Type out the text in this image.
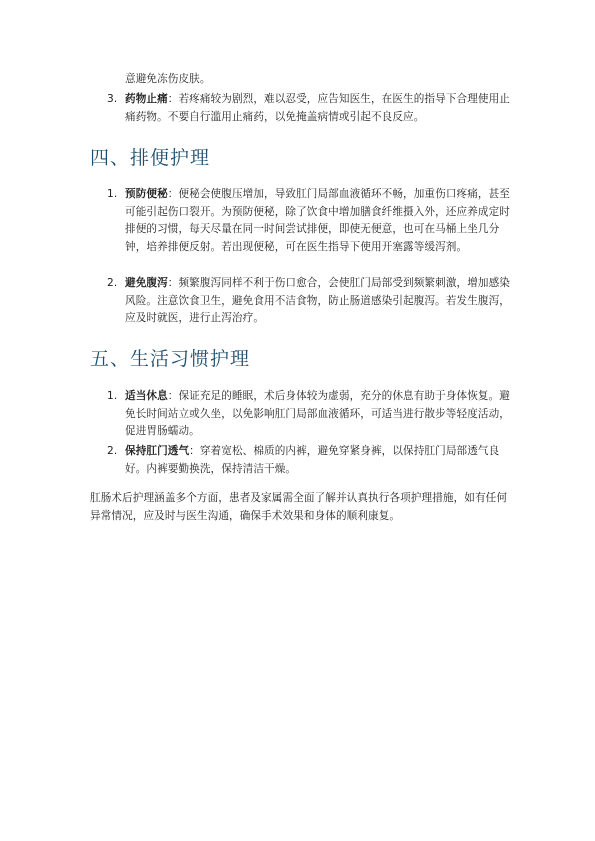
意避免冻伤皮肤。
3. 药物止痛：若疼痛较为剧烈，难以忍受，应告知医生，在医生的指导下合理使用止痛药物。不要自行滥用止痛药，以免掩盖病情或引起不良反应。
四、排便护理
1. 预防便秘：便秘会使腹压增加，导致肛门局部血液循环不畅，加重伤口疼痛，甚至可能引起伤口裂开。为预防便秘，除了饮食中增加膳食纤维摄入外，还应养成定时排便的习惯，每天尽量在同一时间尝试排便，即使无便意，也可在马桶上坐几分钟，培养排便反射。若出现便秘，可在医生指导下使用开塞露等缓泻剂。
2. 避免腹泻：频繁腹泻同样不利于伤口愈合，会使肛门局部受到频繁刺激，增加感染风险。注意饮食卫生，避免食用不洁食物，防止肠道感染引起腹泻。若发生腹泻，应及时就医，进行止泻治疗。
五、生活习惯护理
1. 适当休息：保证充足的睡眠，术后身体较为虚弱，充分的休息有助于身体恢复。避免长时间站立或久坐，以免影响肛门局部血液循环，可适当进行散步等轻度活动，促进胃肠蠕动。
2. 保持肛门透气：穿着宽松、棉质的内裤，避免穿紧身裤，以保持肛门局部透气良好。内裤要勤换洗，保持清洁干燥。
肛肠术后护理涵盖多个方面，患者及家属需全面了解并认真执行各项护理措施，如有任何异常情况，应及时与医生沟通，确保手术效果和身体的顺利康复。
